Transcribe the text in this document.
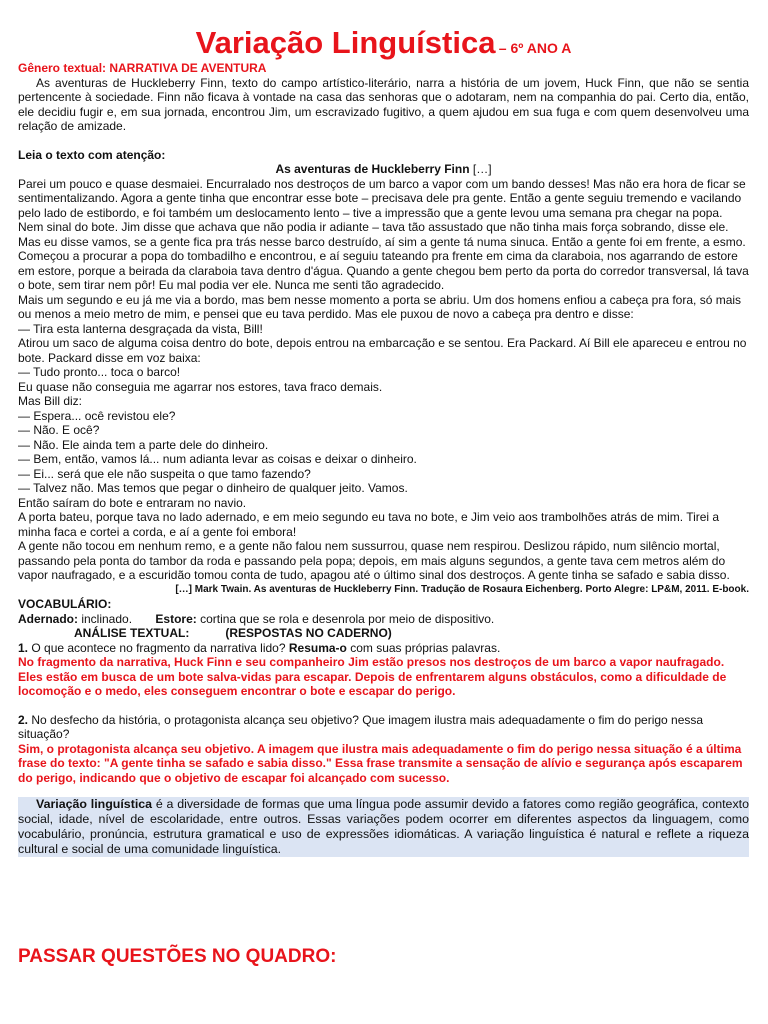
Variação Linguística – 6º ANO A
Gênero textual: NARRATIVA DE AVENTURA

As aventuras de Huckleberry Finn, texto do campo artístico-literário, narra a história de um jovem, Huck Finn, que não se sentia pertencente à sociedade. Finn não ficava à vontade na casa das senhoras que o adotaram, nem na companhia do pai. Certo dia, então, ele decidiu fugir e, em sua jornada, encontrou Jim, um escravizado fugitivo, a quem ajudou em sua fuga e com quem desenvolveu uma relação de amizade.

Leia o texto com atenção:

As aventuras de Huckleberry Finn […]

Parei um pouco e quase desmaiei. Encurralado nos destroços de um barco a vapor com um bando desses! Mas não era hora de ficar se sentimentalizando. Agora a gente tinha que encontrar esse bote – precisava dele pra gente. Então a gente seguiu tremendo e vacilando pelo lado de estibordo, e foi também um deslocamento lento – tive a impressão que a gente levou uma semana pra chegar na popa. Nem sinal do bote. Jim disse que achava que não podia ir adiante – tava tão assustado que não tinha mais força sobrando, disse ele. Mas eu disse vamos, se a gente fica pra trás nesse barco destruído, aí sim a gente tá numa sinuca. Então a gente foi em frente, a esmo. Começou a procurar a popa do tombadilho e encontrou, e aí seguiu tateando pra frente em cima da claraboia, nos agarrando de estore em estore, porque a beirada da claraboia tava dentro d'água. Quando a gente chegou bem perto da porta do corredor transversal, lá tava o bote, sem tirar nem pôr! Eu mal podia ver ele. Nunca me senti tão agradecido.

Mais um segundo e eu já me via a bordo, mas bem nesse momento a porta se abriu. Um dos homens enfiou a cabeça pra fora, só mais ou menos a meio metro de mim, e pensei que eu tava perdido. Mas ele puxou de novo a cabeça pra dentro e disse:

— Tira esta lanterna desgraçada da vista, Bill!

Atirou um saco de alguma coisa dentro do bote, depois entrou na embarcação e se sentou. Era Packard. Aí Bill ele apareceu e entrou no bote. Packard disse em voz baixa:

— Tudo pronto... toca o barco!

Eu quase não conseguia me agarrar nos estores, tava fraco demais.

Mas Bill diz:

— Espera... ocê revistou ele?

— Não. E ocê?

— Não. Ele ainda tem a parte dele do dinheiro.

— Bem, então, vamos lá... num adianta levar as coisas e deixar o dinheiro.

— Ei... será que ele não suspeita o que tamo fazendo?

— Talvez não. Mas temos que pegar o dinheiro de qualquer jeito. Vamos.

Então saíram do bote e entraram no navio.

A porta bateu, porque tava no lado adernado, e em meio segundo eu tava no bote, e Jim veio aos trambolhões atrás de mim. Tirei a minha faca e cortei a corda, e aí a gente foi embora!

A gente não tocou em nenhum remo, e a gente não falou nem sussurrou, quase nem respirou. Deslizou rápido, num silêncio mortal, passando pela ponta do tambor da roda e passando pela popa; depois, em mais alguns segundos, a gente tava cem metros além do vapor naufragado, e a escuridão tomou conta de tudo, apagou até o último sinal dos destroços. A gente tinha se safado e sabia disso.

[…] Mark Twain. As aventuras de Huckleberry Finn. Tradução de Rosaura Eichenberg. Porto Alegre: LP&M, 2011. E-book.

VOCABULÁRIO:

Adernado: inclinado. Estore: cortina que se rola e desenrola por meio de dispositivo.

ANÁLISE TEXTUAL:	(RESPOSTAS NO CADERNO)

1. O que acontece no fragmento da narrativa lido? Resuma-o com suas próprias palavras.

No fragmento da narrativa, Huck Finn e seu companheiro Jim estão presos nos destroços de um barco a vapor naufragado. Eles estão em busca de um bote salva-vidas para escapar. Depois de enfrentarem alguns obstáculos, como a dificuldade de locomoção e o medo, eles conseguem encontrar o bote e escapar do perigo.

2. No desfecho da história, o protagonista alcança seu objetivo? Que imagem ilustra mais adequadamente o fim do perigo nessa situação?

Sim, o protagonista alcança seu objetivo. A imagem que ilustra mais adequadamente o fim do perigo nessa situação é a última frase do texto: "A gente tinha se safado e sabia disso." Essa frase transmite a sensação de alívio e segurança após escaparem do perigo, indicando que o objetivo de escapar foi alcançado com sucesso.

Variação linguística é a diversidade de formas que uma língua pode assumir devido a fatores como região geográfica, contexto social, idade, nível de escolaridade, entre outros. Essas variações podem ocorrer em diferentes aspectos da linguagem, como vocabulário, pronúncia, estrutura gramatical e uso de expressões idiomáticas. A variação linguística é natural e reflete a riqueza cultural e social de uma comunidade linguística.

PASSAR QUESTÕES NO QUADRO:
